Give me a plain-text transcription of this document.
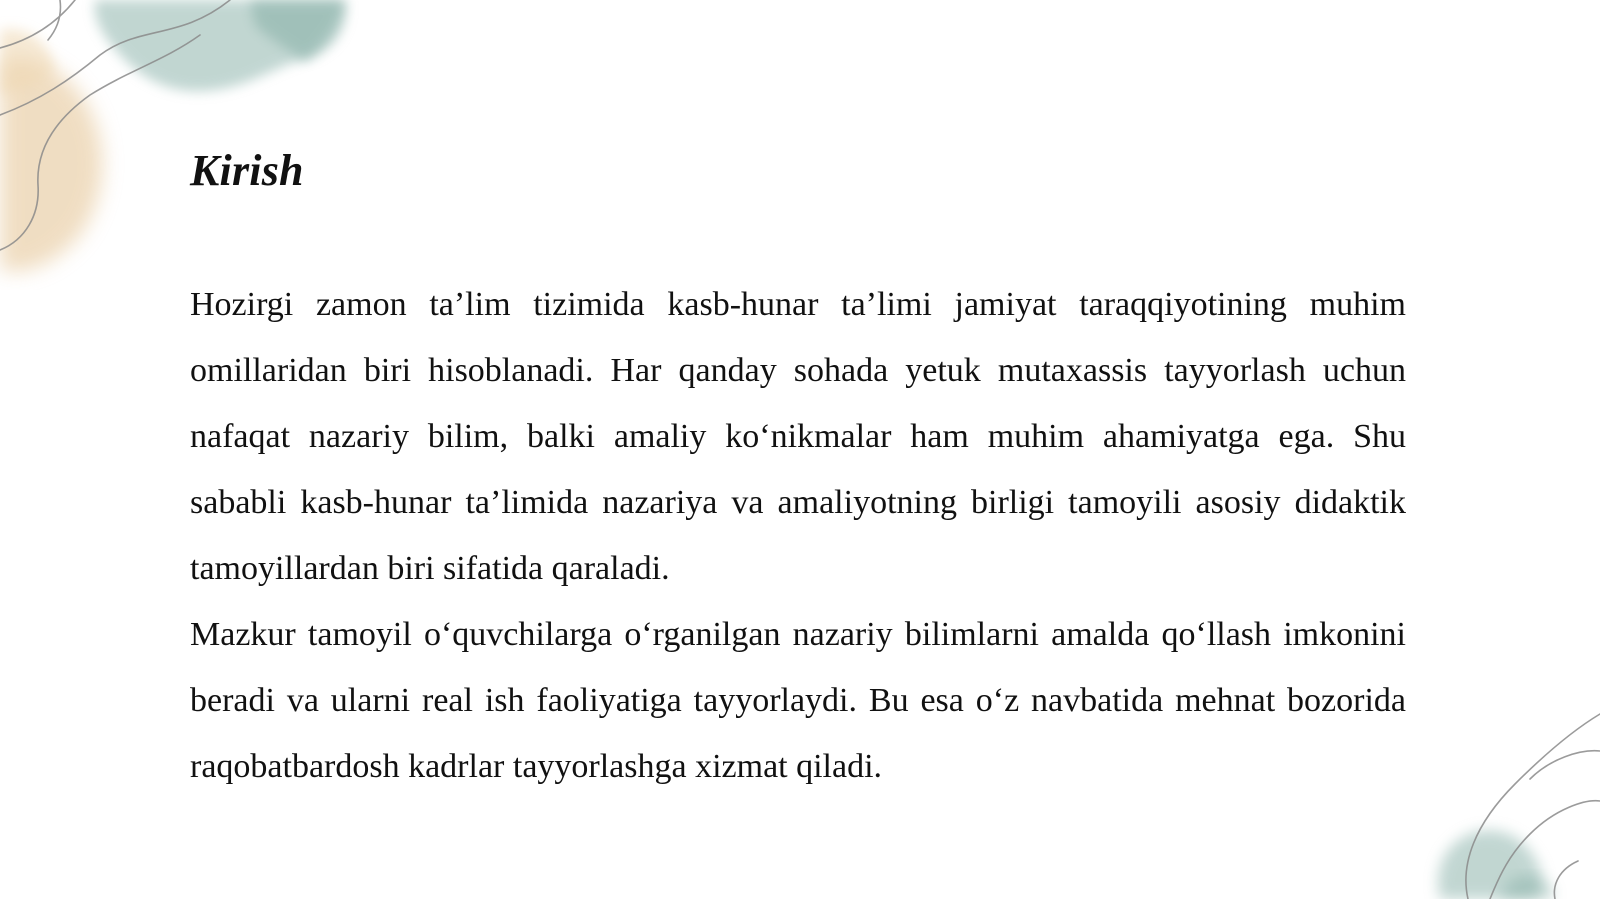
Kirish

Hozirgi zamon ta’lim tizimida kasb-hunar ta’limi jamiyat taraqqiyotining muhim omillaridan biri hisoblanadi. Har qanday sohada yetuk mutaxassis tayyorlash uchun nafaqat nazariy bilim, balki amaliy ko‘nikmalar ham muhim ahamiyatga ega. Shu sababli kasb-hunar ta’limida nazariya va amaliyotning birligi tamoyili asosiy didaktik tamoyillardan biri sifatida qaraladi.

Mazkur tamoyil o‘quvchilarga o‘rganilgan nazariy bilimlarni amalda qo‘llash imkonini beradi va ularni real ish faoliyatiga tayyorlaydi. Bu esa o‘z navbatida mehnat bozorida raqobatbardosh kadrlar tayyorlashga xizmat qiladi.
